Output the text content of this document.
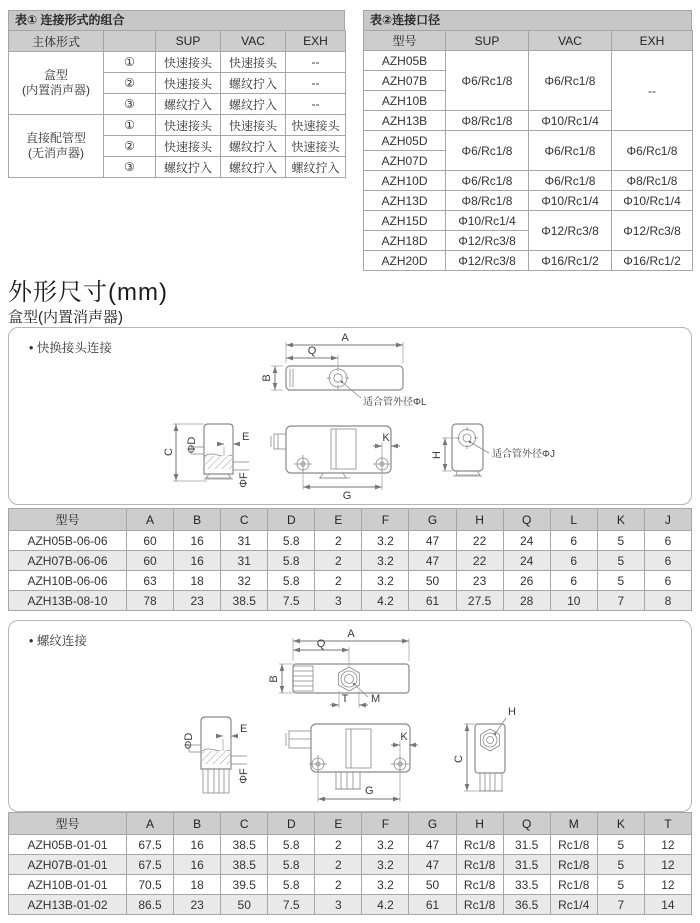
表① 连接形式的组合
主体形式		SUP	VAC	EXH

盒型
(内置消声器)	①	快速接头	快速接头	--
	②	快速接头	螺纹拧入	--
	③	螺纹拧入	螺纹拧入	--

直接配管型
(无消声器)	①	快速接头	快速接头	快速接头
	②	快速接头	螺纹拧入	快速接头
	③	螺纹拧入	螺纹拧入	螺纹拧入
表②连接口径
型号	SUP	VAC	EXH
AZH05B	Φ6/Rc1/8	Φ6/Rc1/8	--
AZH07B			
AZH10B			
AZH13B	Φ8/Rc1/8	Φ10/Rc1/4	
AZH05D	Φ6/Rc1/8	Φ6/Rc1/8	Φ6/Rc1/8
AZH07D			
AZH10D	Φ6/Rc1/8	Φ6/Rc1/8	Φ8/Rc1/8
AZH13D	Φ8/Rc1/8	Φ10/Rc1/4	Φ10/Rc1/4
AZH15D	Φ10/Rc1/4	Φ12/Rc3/8	Φ12/Rc3/8
AZH18D	Φ12/Rc3/8		
AZH20D	Φ12/Rc3/8	Φ16/Rc1/2	Φ16/Rc1/2
外形尺寸(mm)
盒型(内置消声器)
• 快换接头连接
A
Q
B
适合管外径ΦL
C ΦD	E
ΦF
K
G
H	适合管外径ΦJ
型号	A	B	C	D	E	F	G	H	Q	L	K	J
AZH05B-06-06	60	16	31	5.8	2	3.2	47	22	24	6	5	6
AZH07B-06-06	60	16	31	5.8	2	3.2	47	22	24	6	5	6
AZH10B-06-06	63	18	32	5.8	2	3.2	50	23	26	6	5	6
AZH13B-08-10	78	23	38.5	7.5	3	4.2	61	27.5	28	10	7	8
• 螺纹连接	A
Q
B
T M
ΦD
E
ΦF
K
G
H
C
型号	A	B	C	D	E	F	G	H	Q	M	K	T
AZH05B-01-01	67.5	16	38.5	5.8	2	3.2	47	Rc1/8	31.5	Rc1/8	5	12
AZH07B-01-01	67.5	16	38.5	5.8	2	3.2	47	Rc1/8	31.5	Rc1/8	5	12
AZH10B-01-01	70.5	18	39.5	5.8	2	3.2	50	Rc1/8	33.5	Rc1/8	5	12
AZH13B-01-02	86.5	23	50	7.5	3	4.2	61	Rc1/8	36.5	Rc1/4	7	14
